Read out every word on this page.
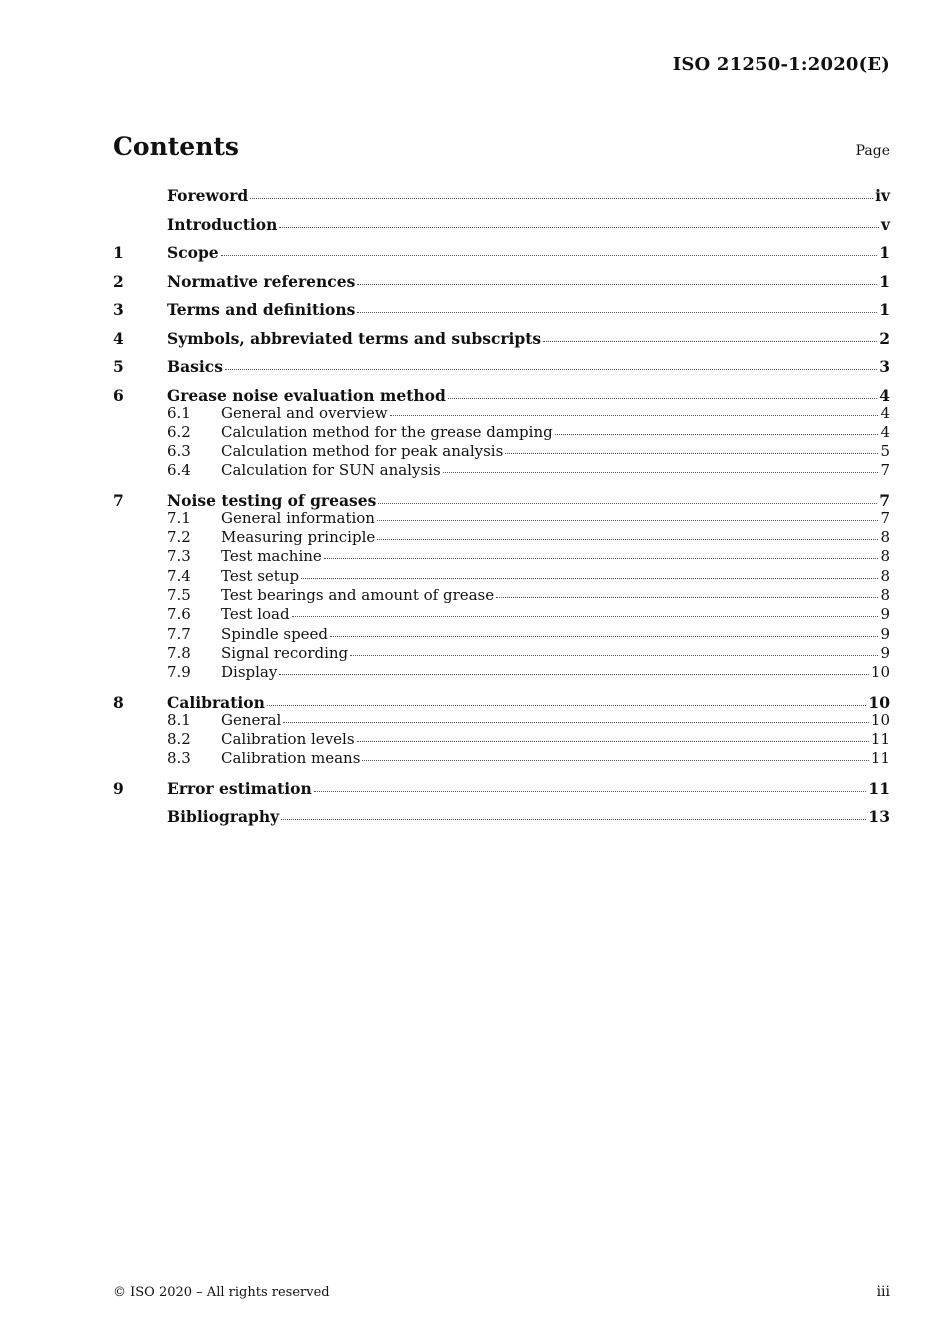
ISO 21250-1:2020(E)
Contents	Page
Foreword	iv
Introduction	v
1	Scope	1
2	Normative references	1
3	Terms and definitions	1
4	Symbols, abbreviated terms and subscripts	2
5	Basics	3
6	Grease noise evaluation method	4
6.1	General and overview	4
6.2	Calculation method for the grease damping	4
6.3	Calculation method for peak analysis	5
6.4	Calculation for SUN analysis	7
7	Noise testing of greases	7
7.1	General information	7
7.2	Measuring principle	8
7.3	Test machine	8
7.4	Test setup	8
7.5	Test bearings and amount of grease	8
7.6	Test load	9
7.7	Spindle speed	9
7.8	Signal recording	9
7.9	Display	10
8	Calibration	10
8.1	General	10
8.2	Calibration levels	11
8.3	Calibration means	11
9	Error estimation	11
Bibliography	13
© ISO 2020 – All rights reserved	iii
